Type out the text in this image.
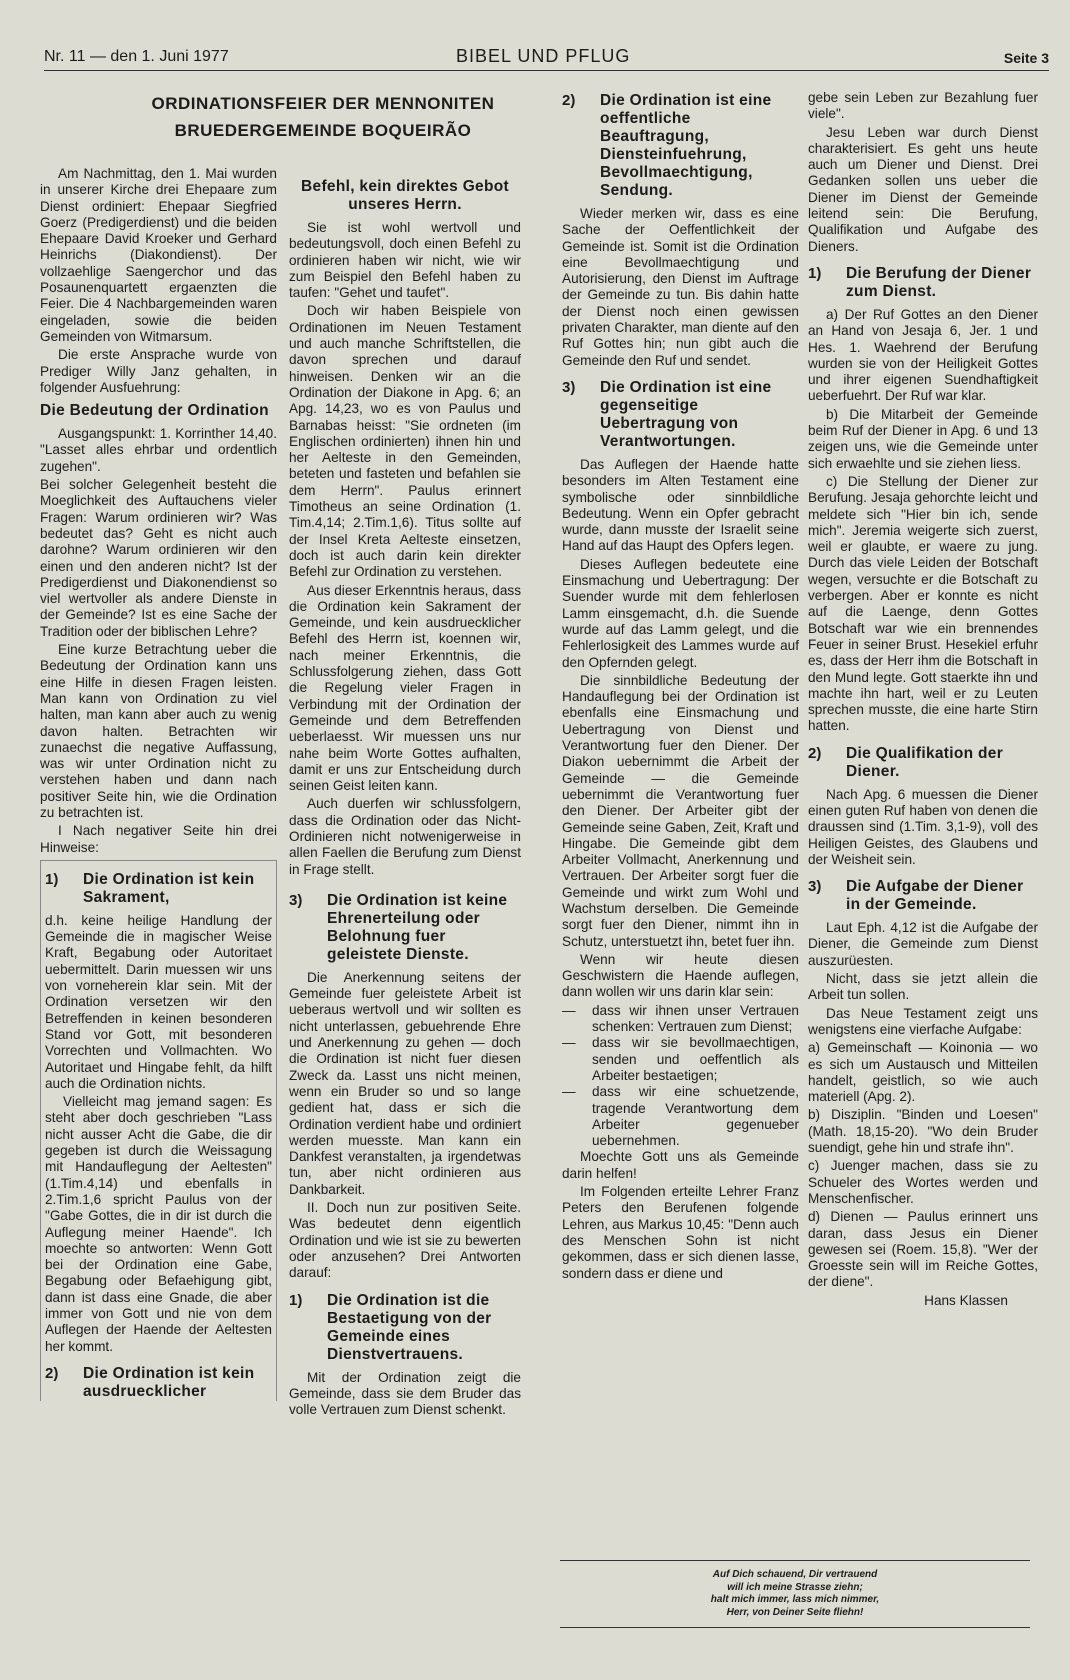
Nr. 11 — den 1. Juni 1977	BIBEL UND PFLUG	Seite 3
ORDINATIONSFEIER DER MENNONITEN
BRUEDERGEMEINDE BOQUEIRÃO

Am Nachmittag, den 1. Mai wurden in unserer Kirche drei Ehepaare zum Dienst ordiniert: Ehepaar Siegfried Goerz (Predigerdienst) und die beiden Ehepaare David Kroeker und Gerhard Heinrichs (Diakondienst). Der vollzaehlige Saengerchor und das Posaunenquartett ergaenzten die Feier. Die 4 Nachbargemeinden waren eingeladen, sowie die beiden Gemeinden von Witmarsum.

Die erste Ansprache wurde von Prediger Willy Janz gehalten, in folgender Ausfuehrung:

Die Bedeutung der Ordination

Ausgangspunkt: 1. Korrinther 14,40. "Lasset alles ehrbar und ordentlich zugehen".

Bei solcher Gelegenheit besteht die Moeglichkeit des Auftauchens vieler Fragen: Warum ordinieren wir? Was bedeutet das? Geht es nicht auch darohne? Warum ordinieren wir den einen und den anderen nicht? Ist der Predigerdienst und Diakonendienst so viel wertvoller als andere Dienste in der Gemeinde? Ist es eine Sache der Tradition oder der biblischen Lehre?

Eine kurze Betrachtung ueber die Bedeutung der Ordination kann uns eine Hilfe in diesen Fragen leisten. Man kann von Ordination zu viel halten, man kann aber auch zu wenig davon halten. Betrachten wir zunaechst die negative Auffassung, was wir unter Ordination nicht zu verstehen haben und dann nach positiver Seite hin, wie die Ordination zu betrachten ist.

I Nach negativer Seite hin drei Hinweise:

1)	Die Ordination ist kein Sakrament,

d.h. keine heilige Handlung der Gemeinde die in magischer Weise Kraft, Begabung oder Autoritaet uebermittelt. Darin muessen wir uns von vorneherein klar sein. Mit der Ordination versetzen wir den Betreffenden in keinen besonderen Stand vor Gott, mit besonderen Vorrechten und Vollmachten. Wo Autoritaet und Hingabe fehlt, da hilft auch die Ordination nichts.

Vielleicht mag jemand sagen: Es steht aber doch geschrieben "Lass nicht ausser Acht die Gabe, die dir gegeben ist durch die Weissagung mit Handauflegung der Aeltesten" (1.Tim.4,14) und ebenfalls in 2.Tim.1,6 spricht Paulus von der "Gabe Gottes, die in dir ist durch die Auflegung meiner Haende". Ich moechte so antworten: Wenn Gott bei der Ordination eine Gabe, Begabung oder Befaehigung gibt, dann ist dass eine Gnade, die aber immer von Gott und nie von dem Auflegen der Haende der Aeltesten her kommt.

2)	Die Ordination ist kein ausdruecklicher
Befehl, kein direktes Gebot unseres Herrn.

Sie ist wohl wertvoll und bedeutungsvoll, doch einen Befehl zu ordinieren haben wir nicht, wie wir zum Beispiel den Befehl haben zu taufen: "Gehet und taufet".

Doch wir haben Beispiele von Ordinationen im Neuen Testament und auch manche Schriftstellen, die davon sprechen und darauf hinweisen. Denken wir an die Ordination der Diakone in Apg. 6; an Apg. 14,23, wo es von Paulus und Barnabas heisst: "Sie ordneten (im Englischen ordinierten) ihnen hin und her Aelteste in den Gemeinden, beteten und fasteten und befahlen sie dem Herrn". Paulus erinnert Timotheus an seine Ordination (1. Tim.4,14; 2.Tim.1,6). Titus sollte auf der Insel Kreta Aelteste einsetzen, doch ist auch darin kein direkter Befehl zur Ordination zu verstehen.

Aus dieser Erkenntnis heraus, dass die Ordination kein Sakrament der Gemeinde, und kein ausdruecklicher Befehl des Herrn ist, koennen wir, nach meiner Erkenntnis, die Schlussfolgerung ziehen, dass Gott die Regelung vieler Fragen in Verbindung mit der Ordination der Gemeinde und dem Betreffenden ueberlaesst. Wir muessen uns nur nahe beim Worte Gottes aufhalten, damit er uns zur Entscheidung durch seinen Geist leiten kann.

Auch duerfen wir schlussfolgern, dass die Ordination oder das Nicht-Ordinieren nicht notwenigerweise in allen Faellen die Berufung zum Dienst in Frage stellt.

3)	Die Ordination ist keine Ehrenerteilung oder Belohnung fuer geleistete Dienste.

Die Anerkennung seitens der Gemeinde fuer geleistete Arbeit ist ueberaus wertvoll und wir sollten es nicht unterlassen, gebuehrende Ehre und Anerkennung zu gehen — doch die Ordination ist nicht fuer diesen Zweck da. Lasst uns nicht meinen, wenn ein Bruder so und so lange gedient hat, dass er sich die Ordination verdient habe und ordiniert werden muesste. Man kann ein Dankfest veranstalten, ja irgendetwas tun, aber nicht ordinieren aus Dankbarkeit.

II. Doch nun zur positiven Seite. Was bedeutet denn eigentlich Ordination und wie ist sie zu bewerten oder anzusehen? Drei Antworten darauf:

1)	Die Ordination ist die Bestaetigung von der Gemeinde eines Dienstvertrauens.

Mit der Ordination zeigt die Gemeinde, dass sie dem Bruder das volle Vertrauen zum Dienst schenkt.

2)	Die Ordination ist eine oeffentliche Beauftragung, Diensteinfuehrung, Bevollmaechtigung, Sendung.

Wieder merken wir, dass es eine Sache der Oeffentlichkeit der Gemeinde ist. Somit ist die Ordination eine Bevollmaechtigung und Autorisierung, den Dienst im Auftrage der Gemeinde zu tun. Bis dahin hatte der Dienst noch einen gewissen privaten Charakter, man diente auf den Ruf Gottes hin; nun gibt auch die Gemeinde den Ruf und sendet.

3)	Die Ordination ist eine gegenseitige Uebertragung von Verantwortungen.

Das Auflegen der Haende hatte besonders im Alten Testament eine symbolische oder sinnbildliche Bedeutung. Wenn ein Opfer gebracht wurde, dann musste der Israelit seine Hand auf das Haupt des Opfers legen.

Dieses Auflegen bedeutete eine Einsmachung und Uebertragung: Der Suender wurde mit dem fehlerlosen Lamm einsgemacht, d.h. die Suende wurde auf das Lamm gelegt, und die Fehlerlosigkeit des Lammes wurde auf den Opfernden gelegt.

Die sinnbildliche Bedeutung der Handauflegung bei der Ordination ist ebenfalls eine Einsmachung und Uebertragung von Dienst und Verantwortung fuer den Diener. Der Diakon uebernimmt die Arbeit der Gemeinde — die Gemeinde uebernimmt die Verantwortung fuer den Diener. Der Arbeiter gibt der Gemeinde seine Gaben, Zeit, Kraft und Hingabe. Die Gemeinde gibt dem Arbeiter Vollmacht, Anerkennung und Vertrauen. Der Arbeiter sorgt fuer die Gemeinde und wirkt zum Wohl und Wachstum derselben. Die Gemeinde sorgt fuer den Diener, nimmt ihn in Schutz, unterstuetzt ihn, betet fuer ihn.

Wenn wir heute diesen Geschwistern die Haende auflegen, dann wollen wir uns darin klar sein:

—	dass wir ihnen unser Vertrauen schenken: Vertrauen zum Dienst;
—	dass wir sie bevollmaechtigen, senden und oeffentlich als Arbeiter bestaetigen;
—	dass wir eine schuetzende, tragende Verantwortung dem Arbeiter gegenueber uebernehmen.

Moechte Gott uns als Gemeinde darin helfen!

Im Folgenden erteilte Lehrer Franz Peters den Berufenen folgende Lehren, aus Markus 10,45: "Denn auch des Menschen Sohn ist nicht gekommen, dass er sich dienen lasse, sondern dass er diene und

gebe sein Leben zur Bezahlung fuer viele".

Jesu Leben war durch Dienst charakterisiert. Es geht uns heute auch um Diener und Dienst. Drei Gedanken sollen uns ueber die Diener im Dienst der Gemeinde leitend sein: Die Berufung, Qualifikation und Aufgabe des Dieners.

1)	Die Berufung der Diener zum Dienst.

a) Der Ruf Gottes an den Diener an Hand von Jesaja 6, Jer. 1 und Hes. 1. Waehrend der Berufung wurden sie von der Heiligkeit Gottes und ihrer eigenen Suendhaftigkeit ueberfuehrt. Der Ruf war klar.

b) Die Mitarbeit der Gemeinde beim Ruf der Diener in Apg. 6 und 13 zeigen uns, wie die Gemeinde unter sich erwaehlte und sie ziehen liess.

c) Die Stellung der Diener zur Berufung. Jesaja gehorchte leicht und meldete sich "Hier bin ich, sende mich". Jeremia weigerte sich zuerst, weil er glaubte, er waere zu jung. Durch das viele Leiden der Botschaft wegen, versuchte er die Botschaft zu verbergen. Aber er konnte es nicht auf die Laenge, denn Gottes Botschaft war wie ein brennendes Feuer in seiner Brust. Hesekiel erfuhr es, dass der Herr ihm die Botschaft in den Mund legte. Gott staerkte ihn und machte ihn hart, weil er zu Leuten sprechen musste, die eine harte Stirn hatten.

2)	Die Qualifikation der Diener.

Nach Apg. 6 muessen die Diener einen guten Ruf haben von denen die draussen sind (1.Tim. 3,1-9), voll des Heiligen Geistes, des Glaubens und der Weisheit sein.

3)	Die Aufgabe der Diener in der Gemeinde.

Laut Eph. 4,12 ist die Aufgabe der Diener, die Gemeinde zum Dienst auszurüesten.

Nicht, dass sie jetzt allein die Arbeit tun sollen.

Das Neue Testament zeigt uns wenigstens eine vierfache Aufgabe:

a) Gemeinschaft — Koinonia — wo es sich um Austausch und Mitteilen handelt, geistlich, so wie auch materiell (Apg. 2).

b) Disziplin. "Binden und Loesen" (Math. 18,15-20). "Wo dein Bruder suendigt, gehe hin und strafe ihn".

c) Juenger machen, dass sie zu Schueler des Wortes werden und Menschenfischer.

d) Dienen — Paulus erinnert uns daran, dass Jesus ein Diener gewesen sei (Roem. 15,8). "Wer der Groesste sein will im Reiche Gottes, der diene".

Hans Klassen
Auf Dich schauend, Dir vertrauend
will ich meine Strasse ziehn;
halt mich immer, lass mich nimmer,
Herr, von Deiner Seite fliehn!
